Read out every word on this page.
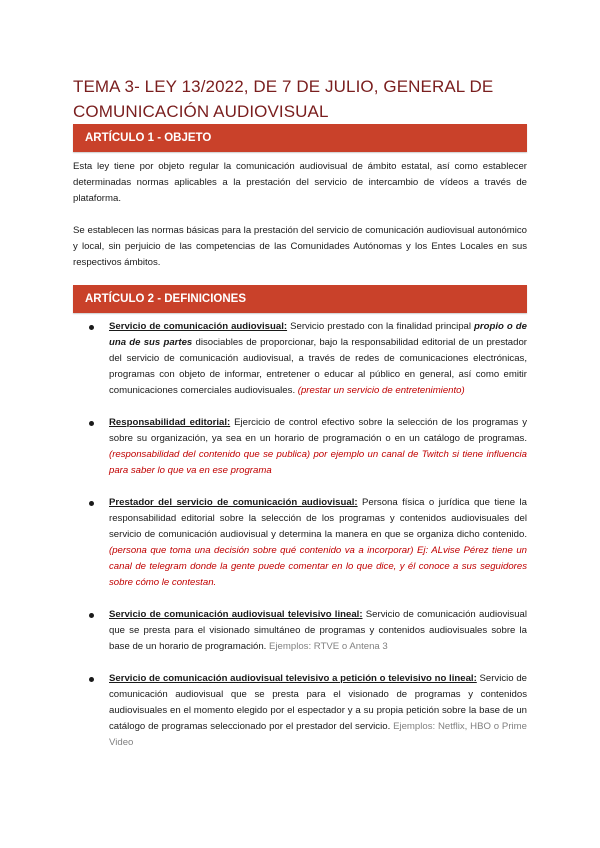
TEMA 3- LEY 13/2022, DE 7 DE JULIO, GENERAL DE COMUNICACIÓN AUDIOVISUAL
ARTÍCULO 1 - OBJETO

Esta ley tiene por objeto regular la comunicación audiovisual de ámbito estatal, así como establecer determinadas normas aplicables a la prestación del servicio de intercambio de vídeos a través de plataforma.

Se establecen las normas básicas para la prestación del servicio de comunicación audiovisual autonómico y local, sin perjuicio de las competencias de las Comunidades Autónomas y los Entes Locales en sus respectivos ámbitos.

ARTÍCULO 2 - DEFINICIONES
Servicio de comunicación audiovisual: Servicio prestado con la finalidad principal propio o de una de sus partes disociables de proporcionar, bajo la responsabilidad editorial de un prestador del servicio de comunicación audiovisual, a través de redes de comunicaciones electrónicas, programas con objeto de informar, entretener o educar al público en general, así como emitir comunicaciones comerciales audiovisuales. (prestar un servicio de entretenimiento)
Responsabilidad editorial: Ejercicio de control efectivo sobre la selección de los programas y sobre su organización, ya sea en un horario de programación o en un catálogo de programas. (responsabilidad del contenido que se publica) por ejemplo un canal de Twitch si tiene influencia para saber lo que va en ese programa
Prestador del servicio de comunicación audiovisual: Persona física o jurídica que tiene la responsabilidad editorial sobre la selección de los programas y contenidos audiovisuales del servicio de comunicación audiovisual y determina la manera en que se organiza dicho contenido. (persona que toma una decisión sobre qué contenido va a incorporar) Ej: ALvise Pérez tiene un canal de telegram donde la gente puede comentar en lo que dice, y él conoce a sus seguidores sobre cómo le contestan.
Servicio de comunicación audiovisual televisivo lineal: Servicio de comunicación audiovisual que se presta para el visionado simultáneo de programas y contenidos audiovisuales sobre la base de un horario de programación. Ejemplos: RTVE o Antena 3
Servicio de comunicación audiovisual televisivo a petición o televisivo no lineal: Servicio de comunicación audiovisual que se presta para el visionado de programas y contenidos audiovisuales en el momento elegido por el espectador y a su propia petición sobre la base de un catálogo de programas seleccionado por el prestador del servicio. Ejemplos: Netflix, HBO o Prime Video
